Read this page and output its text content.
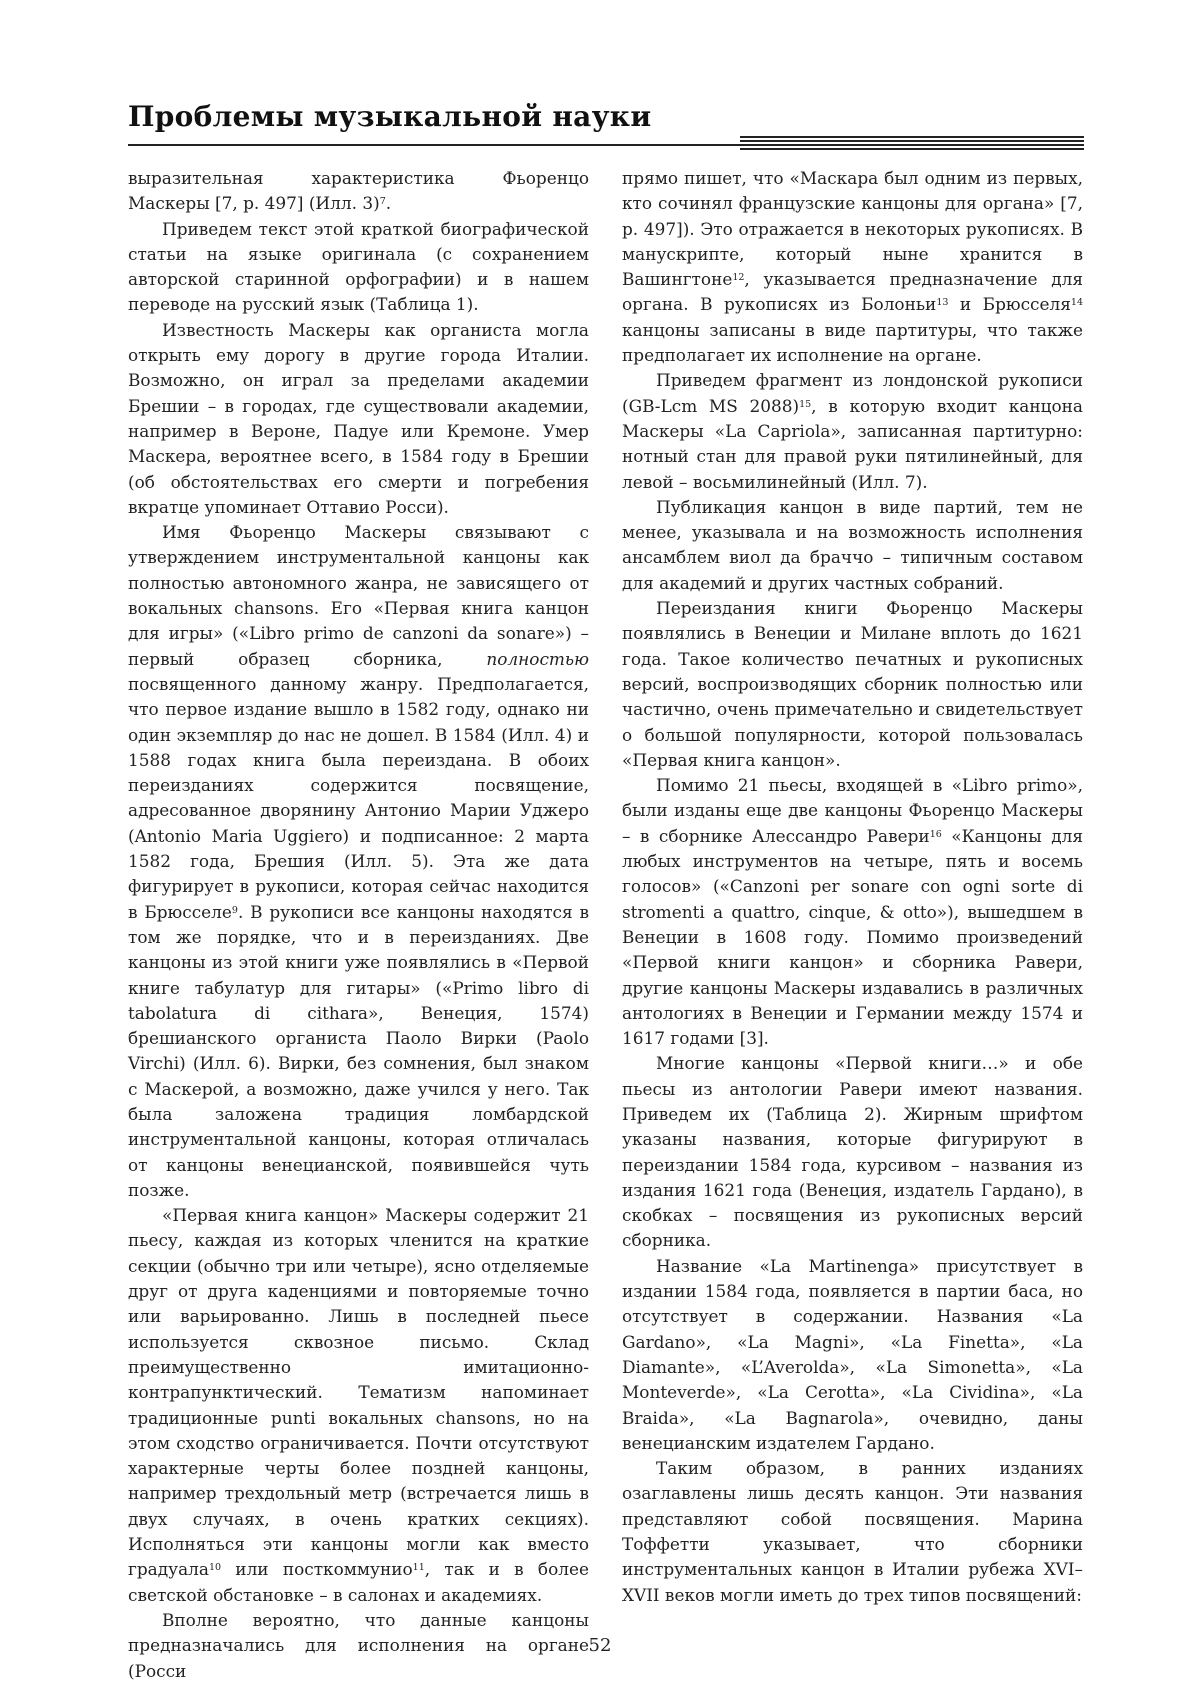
Проблемы музыкальной науки

выразительная характеристика Фьоренцо Маскеры [7, р. 497] (Илл. 3)$^7$.

Приведем текст этой краткой биографической статьи на языке оригинала (с сохранением авторской старинной орфографии) и в нашем переводе на русский язык (Таблица 1).

Известность Маскеры как органиста могла открыть ему дорогу в другие города Италии. Возможно, он играл за пределами академии Брешии – в городах, где существовали академии, например в Вероне, Падуе или Кремоне. Умер Маскера, вероятнее всего, в 1584 году в Брешии (об обстоятельствах его смерти и погребения вкратце упоминает Оттавио Росси).

Имя Фьоренцо Маскеры связывают с утверждением инструментальной канцоны как полностью автономного жанра, не зависящего от вокальных chansons. Его «Первая книга канцон для игры» («Libro primo de canzoni da sonare») – первый образец сборника, полностью посвященного данному жанру. Предполагается, что первое издание вышло в 1582 году, однако ни один экземпляр до нас не дошел. В 1584 (Илл. 4) и 1588 годах книга была переиздана. В обоих переизданиях содержится посвящение, адресованное дворянину Антонио Марии Уджеро (Antonio Maria Uggiero) и подписанное: 2 марта 1582 года, Брешия (Илл. 5). Эта же дата фигурирует в рукописи, которая сейчас находится в Брюсселе$^9$. В рукописи все канцоны находятся в том же порядке, что и в переизданиях. Две канцоны из этой книги уже появлялись в «Первой книге табулатур для гитары» («Primo libro di tabolatura di cithara», Венеция, 1574) брешианского органиста Паоло Вирки (Paolo Virchi) (Илл. 6). Вирки, без сомнения, был знаком с Маскерой, а возможно, даже учился у него. Так была заложена традиция ломбардской инструментальной канцоны, которая отличалась от канцоны венецианской, появившейся чуть позже.

«Первая книга канцон» Маскеры содержит 21 пьесу, каждая из которых членится на краткие секции (обычно три или четыре), ясно отделяемые друг от друга каденциями и повторяемые точно или варьированно. Лишь в последней пьесе используется сквозное письмо. Склад преимущественно имитационно-контрапунктический. Тематизм напоминает традиционные punti вокальных chansons, но на этом сходство ограничивается. Почти отсутствуют характерные черты более поздней канцоны, например трехдольный метр (встречается лишь в двух случаях, в очень кратких секциях). Исполняться эти канцоны могли как вместо градуала$^{10}$ или посткоммунио$^{11}$, так и в более светской обстановке – в салонах и академиях.

Вполне вероятно, что данные канцоны предназначались для исполнения на органе (Росси

прямо пишет, что «Маскара был одним из первых, кто сочинял французские канцоны для органа» [7, р. 497]). Это отражается в некоторых рукописях. В манускрипте, который ныне хранится в Вашингтоне$^{12}$, указывается предназначение для органа. В рукописях из Болоньи$^{13}$ и Брюсселя$^{14}$ канцоны записаны в виде партитуры, что также предполагает их исполнение на органе.

Приведем фрагмент из лондонской рукописи (GB-Lcm MS 2088)$^{15}$, в которую входит канцона Маскеры «La Capriola», записанная партитурно: нотный стан для правой руки пятилинейный, для левой – восьмилинейный (Илл. 7).

Публикация канцон в виде партий, тем не менее, указывала и на возможность исполнения ансамблем виол да браччо – типичным составом для академий и других частных собраний.

Переиздания книги Фьоренцо Маскеры появлялись в Венеции и Милане вплоть до 1621 года. Такое количество печатных и рукописных версий, воспроизводящих сборник полностью или частично, очень примечательно и свидетельствует о большой популярности, которой пользовалась «Первая книга канцон».

Помимо 21 пьесы, входящей в «Libro primo», были изданы еще две канцоны Фьоренцо Маскеры – в сборнике Алессандро Равери$^{16}$ «Канцоны для любых инструментов на четыре, пять и восемь голосов» («Canzoni per sonare con ogni sorte di stromenti a quattro, cinque, & otto»), вышедшем в Венеции в 1608 году. Помимо произведений «Первой книги канцон» и сборника Равери, другие канцоны Маскеры издавались в различных антологиях в Венеции и Германии между 1574 и 1617 годами [3].

Многие канцоны «Первой книги…» и обе пьесы из антологии Равери имеют названия. Приведем их (Таблица 2). Жирным шрифтом указаны названия, которые фигурируют в переиздании 1584 года, курсивом – названия из издания 1621 года (Венеция, издатель Гардано), в скобках – посвящения из рукописных версий сборника.

Название «La Martinenga» присутствует в издании 1584 года, появляется в партии баса, но отсутствует в содержании. Названия «La Gardano», «La Magni», «La Finetta», «La Diamante», «L’Averolda», «La Simonetta», «La Monteverde», «La Cerotta», «La Cividina», «La Braida», «La Bagnarola», очевидно, даны венецианским издателем Гардано.

Таким образом, в ранних изданиях озаглавлены лишь десять канцон. Эти названия представляют собой посвящения. Марина Тоффетти указывает, что сборники инструментальных канцон в Италии рубежа XVI–XVII веков могли иметь до трех типов посвящений:

52
